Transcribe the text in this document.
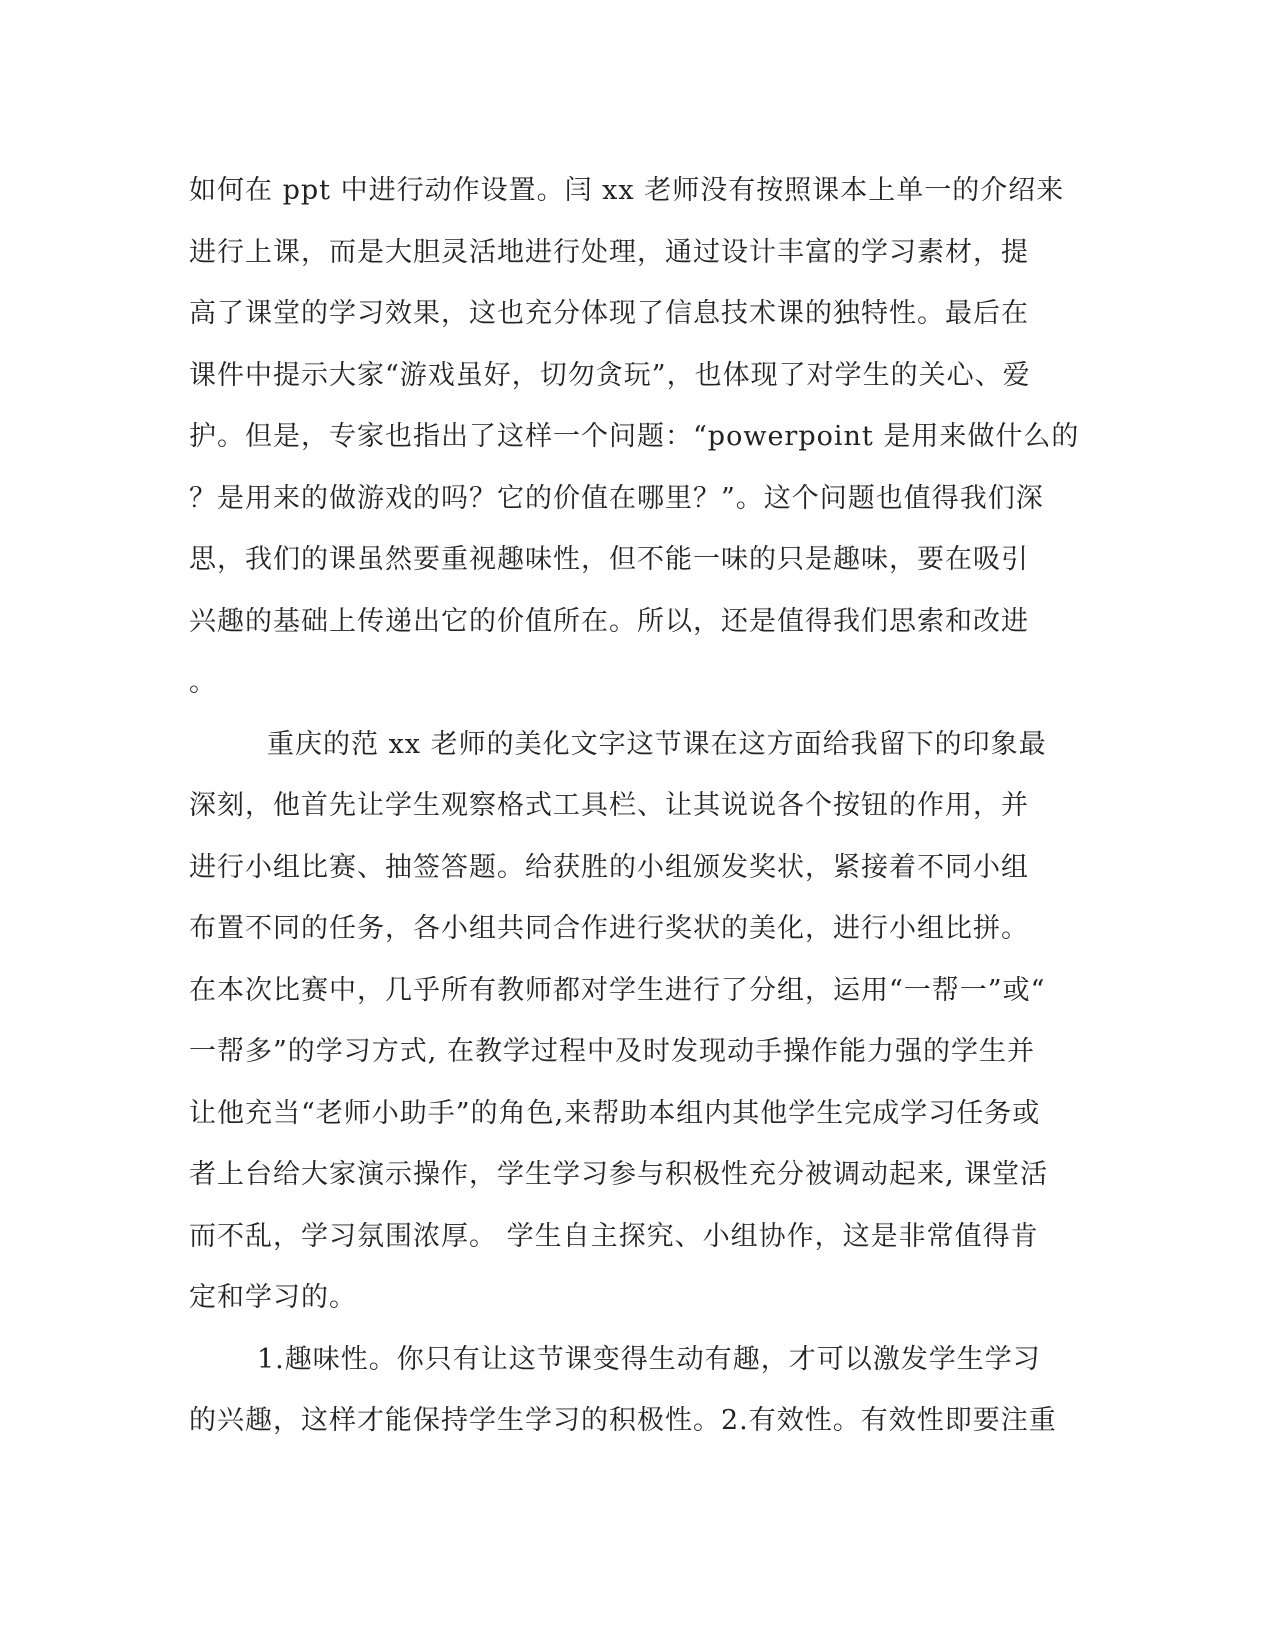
如何在 ppt 中进行动作设置。闫 xx 老师没有按照课本上单一的介绍来
进行上课，而是大胆灵活地进行处理，通过设计丰富的学习素材，提
高了课堂的学习效果，这也充分体现了信息技术课的独特性。最后在
课件中提示大家“游戏虽好，切勿贪玩”，也体现了对学生的关心、爱
护。但是，专家也指出了这样一个问题：“powerpoint 是用来做什么的
？是用来的做游戏的吗？它的价值在哪里？”。这个问题也值得我们深
思，我们的课虽然要重视趣味性，但不能一味的只是趣味，要在吸引
兴趣的基础上传递出它的价值所在。所以，还是值得我们思索和改进
。
重庆的范 xx 老师的美化文字这节课在这方面给我留下的印象最
深刻，他首先让学生观察格式工具栏、让其说说各个按钮的作用，并
进行小组比赛、抽签答题。给获胜的小组颁发奖状，紧接着不同小组
布置不同的任务，各小组共同合作进行奖状的美化，进行小组比拼。
在本次比赛中，几乎所有教师都对学生进行了分组，运用“一帮一”或“
一帮多”的学习方式, 在教学过程中及时发现动手操作能力强的学生并
让他充当“老师小助手”的角色,来帮助本组内其他学生完成学习任务或
者上台给大家演示操作，学生学习参与积极性充分被调动起来, 课堂活
而不乱，学习氛围浓厚。 学生自主探究、小组协作，这是非常值得肯
定和学习的。
1.趣味性。你只有让这节课变得生动有趣，才可以激发学生学习
的兴趣，这样才能保持学生学习的积极性。2.有效性。有效性即要注重
